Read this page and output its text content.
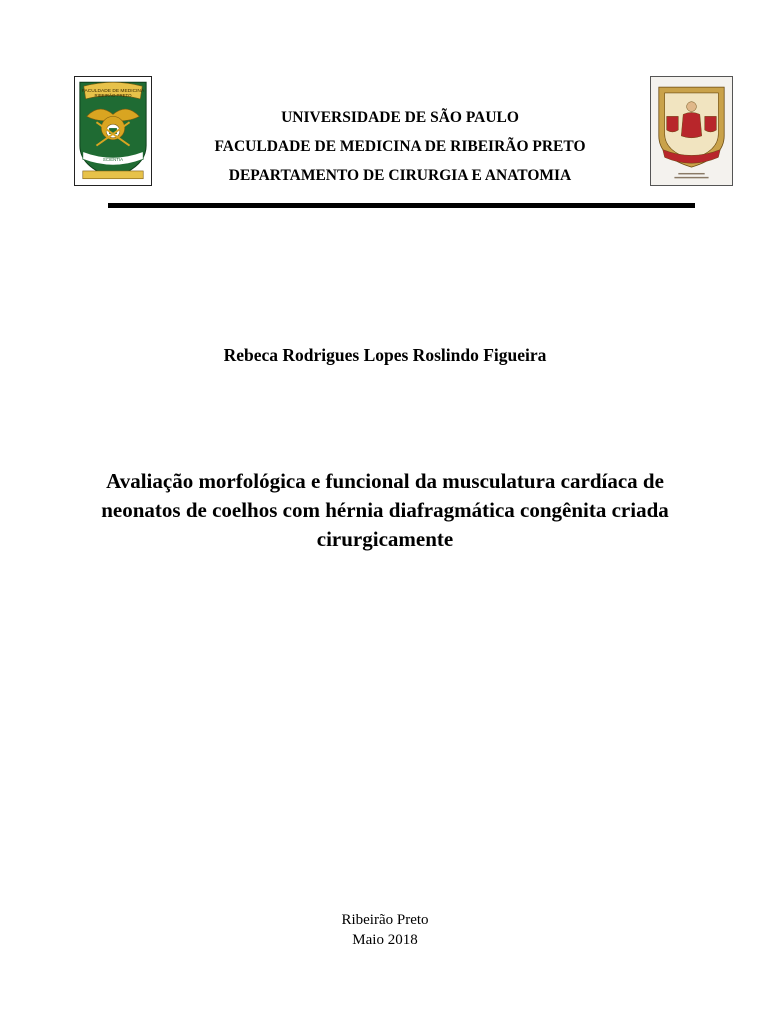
FACULDADE DE MEDICINA
RIBEIRÃO PRETO
SCIENTIA
UNIVERSIDADE DE SÃO PAULO
FACULDADE DE MEDICINA DE RIBEIRÃO PRETO
DEPARTAMENTO DE CIRURGIA E ANATOMIA
Rebeca Rodrigues Lopes Roslindo Figueira
Avaliação morfológica e funcional da musculatura cardíaca de
neonatos de coelhos com hérnia diafragmática congênita criada
cirurgicamente
Ribeirão Preto
Maio 2018
